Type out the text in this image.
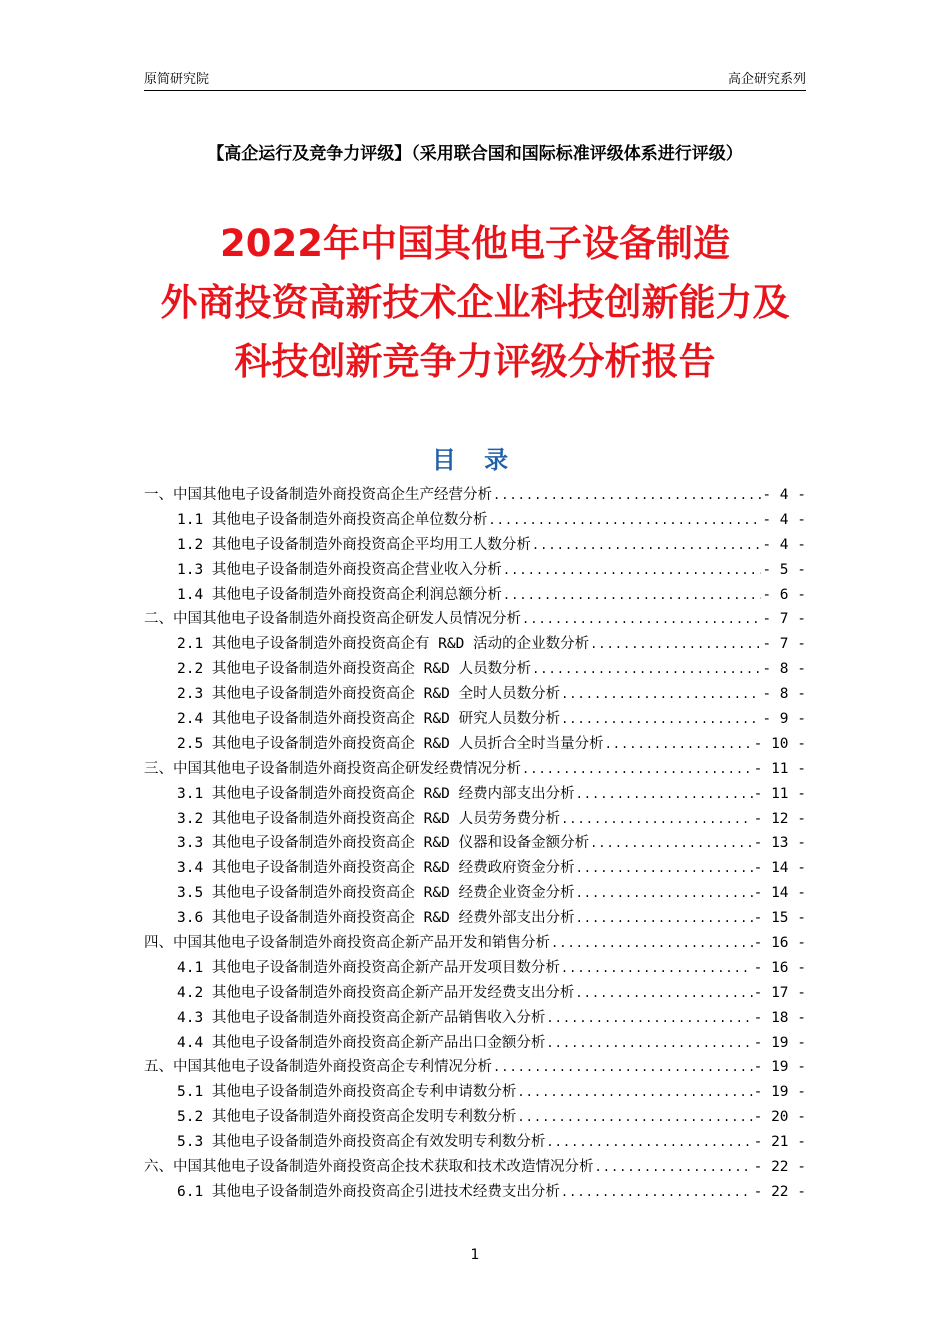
原简研究院	高企研究系列
【高企运行及竞争力评级】（采用联合国和国际标准评级体系进行评级）
2022年中国其他电子设备制造
外商投资高新技术企业科技创新能力及
科技创新竞争力评级分析报告
目 录
一、中国其他电子设备制造外商投资高企生产经营分析 .....	- 4 -
1.1 其他电子设备制造外商投资高企单位数分析 .....	- 4 -
1.2 其他电子设备制造外商投资高企平均用工人数分析 .....	- 4 -
1.3 其他电子设备制造外商投资高企营业收入分析 .....	- 5 -
1.4 其他电子设备制造外商投资高企利润总额分析 .....	- 6 -
二、中国其他电子设备制造外商投资高企研发人员情况分析 .....	- 7 -
2.1 其他电子设备制造外商投资高企有 R&D 活动的企业数分析 .....	- 7 -
2.2 其他电子设备制造外商投资高企 R&D 人员数分析 .....	- 8 -
2.3 其他电子设备制造外商投资高企 R&D 全时人员数分析 .....	- 8 -
2.4 其他电子设备制造外商投资高企 R&D 研究人员数分析 .....	- 9 -
2.5 其他电子设备制造外商投资高企 R&D 人员折合全时当量分析 .....	- 10 -
三、中国其他电子设备制造外商投资高企研发经费情况分析 .....	- 11 -
3.1 其他电子设备制造外商投资高企 R&D 经费内部支出分析 .....	- 11 -
3.2 其他电子设备制造外商投资高企 R&D 人员劳务费分析 .....	- 12 -
3.3 其他电子设备制造外商投资高企 R&D 仪器和设备金额分析 .....	- 13 -
3.4 其他电子设备制造外商投资高企 R&D 经费政府资金分析 .....	- 14 -
3.5 其他电子设备制造外商投资高企 R&D 经费企业资金分析 .....	- 14 -
3.6 其他电子设备制造外商投资高企 R&D 经费外部支出分析 .....	- 15 -
四、中国其他电子设备制造外商投资高企新产品开发和销售分析 .....	- 16 -
4.1 其他电子设备制造外商投资高企新产品开发项目数分析 .....	- 16 -
4.2 其他电子设备制造外商投资高企新产品开发经费支出分析 .....	- 17 -
4.3 其他电子设备制造外商投资高企新产品销售收入分析 .....	- 18 -
4.4 其他电子设备制造外商投资高企新产品出口金额分析 .....	- 19 -
五、中国其他电子设备制造外商投资高企专利情况分析 .....	- 19 -
5.1 其他电子设备制造外商投资高企专利申请数分析 .....	- 19 -
5.2 其他电子设备制造外商投资高企发明专利数分析 .....	- 20 -
5.3 其他电子设备制造外商投资高企有效发明专利数分析 .....	- 21 -
六、中国其他电子设备制造外商投资高企技术获取和技术改造情况分析 .....	- 22 -
6.1 其他电子设备制造外商投资高企引进技术经费支出分析 .....	- 22 -
1
